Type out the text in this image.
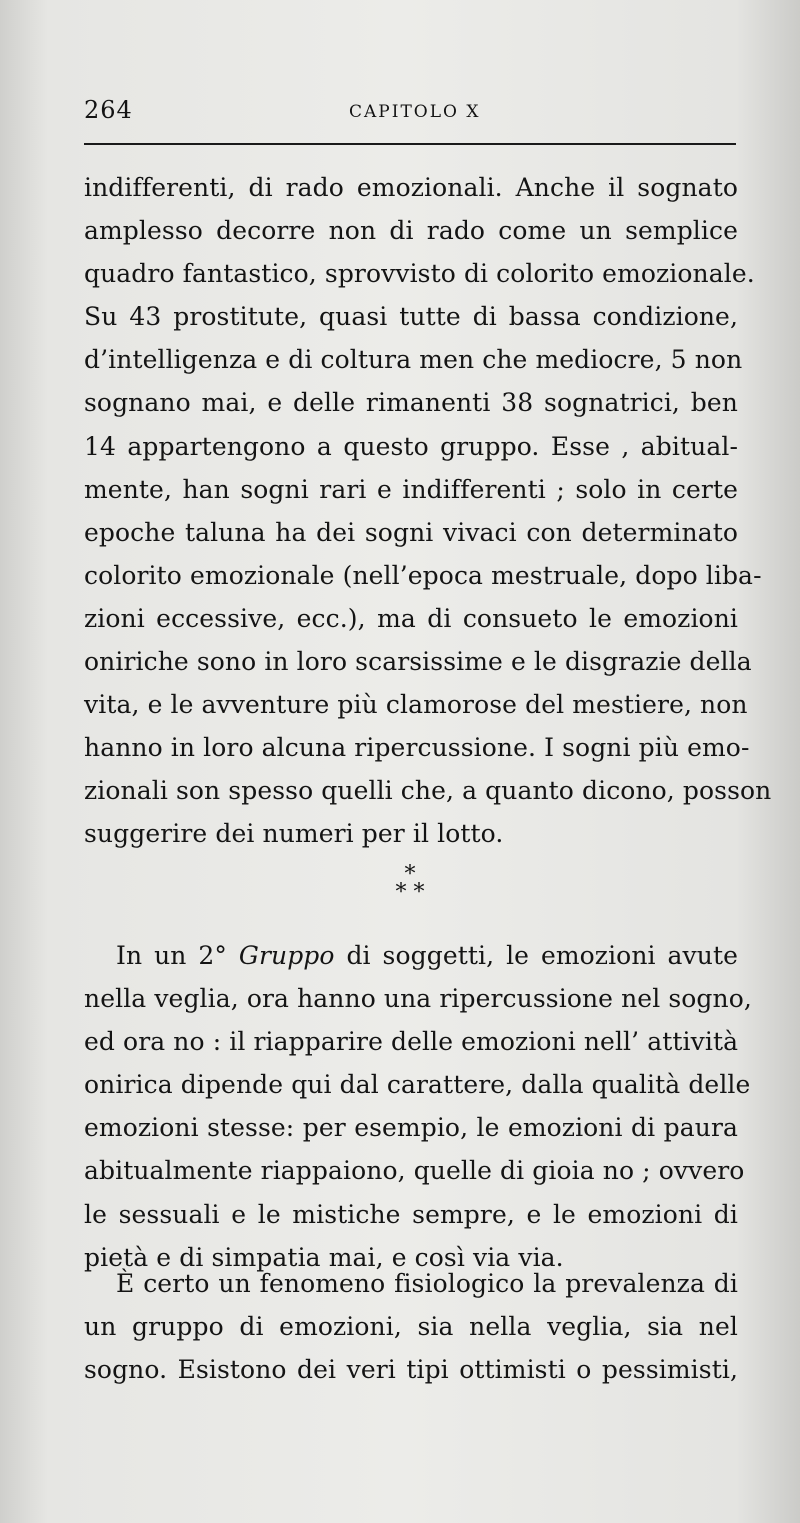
264	CAPITOLO X
indifferenti, di rado emozionali. Anche il sognato
amplesso decorre non di rado come un semplice
quadro fantastico, sprovvisto di colorito emozionale.
Su 43 prostitute, quasi tutte di bassa condizione,
d’intelligenza e di coltura men che mediocre, 5 non
sognano mai, e delle rimanenti 38 sognatrici, ben
14 appartengono a questo gruppo. Esse , abitual-
mente, han sogni rari e indifferenti ; solo in certe
epoche taluna ha dei sogni vivaci con determinato
colorito emozionale (nell’epoca mestruale, dopo liba-
zioni eccessive, ecc.), ma di consueto le emozioni
oniriche sono in loro scarsissime e le disgrazie della
vita, e le avventure più clamorose del mestiere, non
hanno in loro alcuna ripercussione. I sogni più emo-
zionali son spesso quelli che, a quanto dicono, posson
suggerire dei numeri per il lotto.
*
* *
In un 2° Gruppo di soggetti, le emozioni avute
nella veglia, ora hanno una ripercussione nel sogno,
ed ora no : il riapparire delle emozioni nell’ attività
onirica dipende qui dal carattere, dalla qualità delle
emozioni stesse: per esempio, le emozioni di paura
abitualmente riappaiono, quelle di gioia no ; ovvero
le sessuali e le mistiche sempre, e le emozioni di
pietà e di simpatia mai, e così via via.
È certo un fenomeno fisiologico la prevalenza di
un gruppo di emozioni, sia nella veglia, sia nel
sogno. Esistono dei veri tipi ottimisti o pessimisti,
